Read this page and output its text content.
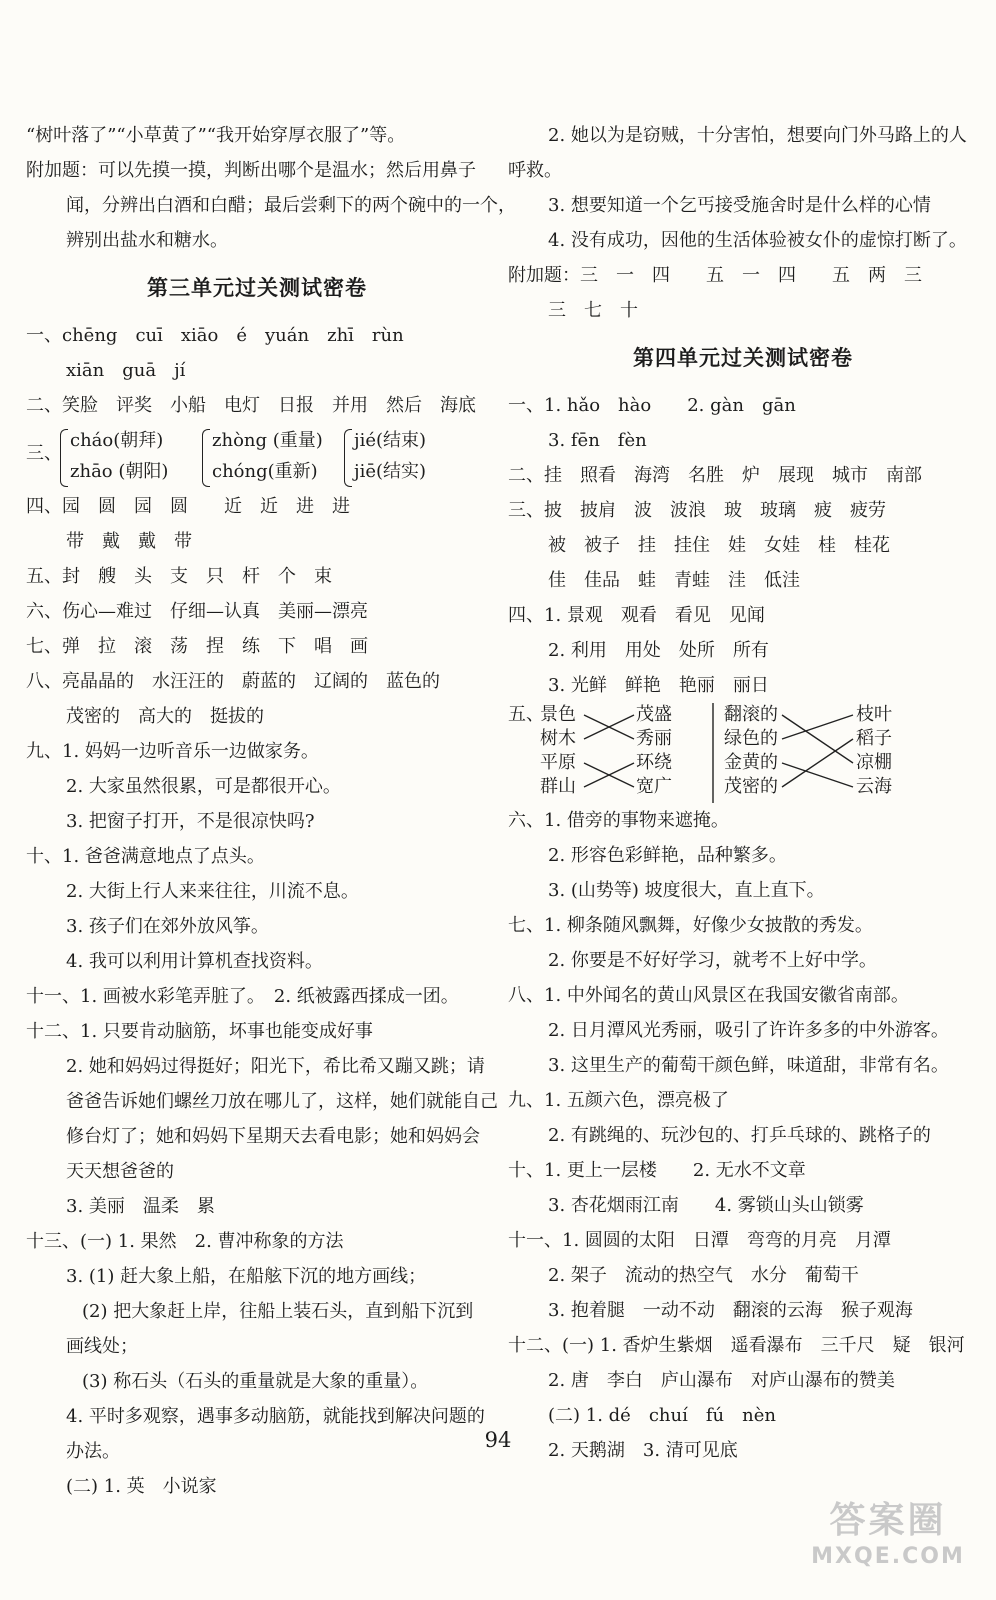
“树叶落了”“小草黄了”“我开始穿厚衣服了”等。
附加题：可以先摸一摸，判断出哪个是温水；然后用鼻子
闻，分辨出白酒和白醋；最后尝剩下的两个碗中的一个，
辨别出盐水和糖水。
第三单元过关测试密卷
一、chēng　cuī　xiāo　é　yuán　zhī　rùn
xiān　guā　jí
二、笑脸　评奖　小船　电灯　日报　并用　然后　海底
三、
cháo(朝拜)
zhāo (朝阳)
zhòng (重量)
chóng(重新)
jié(结束)
jiē(结实)
四、园　圆　园　圆　　近　近　进　进
带　戴　戴　带
五、封　艘　头　支　只　杆　个　束
六、伤心—难过　仔细—认真　美丽—漂亮
七、弹　拉　滚　荡　捏　练　下　唱　画
八、亮晶晶的　水汪汪的　蔚蓝的　辽阔的　蓝色的
茂密的　高大的　挺拔的
九、1. 妈妈一边听音乐一边做家务。
2. 大家虽然很累，可是都很开心。
3. 把窗子打开，不是很凉快吗?
十、1. 爸爸满意地点了点头。
2. 大街上行人来来往往，川流不息。
3. 孩子们在郊外放风筝。
4. 我可以利用计算机查找资料。
十一、1. 画被水彩笔弄脏了。　2. 纸被露西揉成一团。
十二、1. 只要肯动脑筋，坏事也能变成好事
2. 她和妈妈过得挺好；阳光下，希比希又蹦又跳；请
爸爸告诉她们螺丝刀放在哪儿了，这样，她们就能自己
修台灯了；她和妈妈下星期天去看电影；她和妈妈会
天天想爸爸的
3. 美丽　温柔　累
十三、(一) 1. 果然　2. 曹冲称象的方法
3. (1) 赶大象上船，在船舷下沉的地方画线；
(2) 把大象赶上岸，往船上装石头，直到船下沉到
画线处；
(3) 称石头（石头的重量就是大象的重量）。
4. 平时多观察，遇事多动脑筋，就能找到解决问题的
办法。
(二) 1. 英　小说家
2. 她以为是窃贼，十分害怕，想要向门外马路上的人
呼救。
3. 想要知道一个乞丐接受施舍时是什么样的心情
4. 没有成功，因他的生活体验被女仆的虚惊打断了。
附加题：三　一　四　　五　一　四　　五　两　三
三　七　十
第四单元过关测试密卷
一、1. hǎo　hào　　2. gàn　gān
3. fēn　fèn
二、挂　照看　海湾　名胜　炉　展现　城市　南部
三、披　披肩　波　波浪　玻　玻璃　疲　疲劳
被　被子　挂　挂住　娃　女娃　桂　桂花
佳　佳品　蛙　青蛙　洼　低洼
四、1. 景观　观看　看见　见闻
2. 利用　用处　处所　所有
3. 光鲜　鲜艳　艳丽　丽日
五、
景色
树木
平原
群山
茂盛
秀丽
环绕
宽广
翻滚的
绿色的
金黄的
茂密的
枝叶
稻子
凉棚
云海
六、1. 借旁的事物来遮掩。
2. 形容色彩鲜艳，品种繁多。
3. (山势等) 坡度很大，直上直下。
七、1. 柳条随风飘舞，好像少女披散的秀发。
2. 你要是不好好学习，就考不上好中学。
八、1. 中外闻名的黄山风景区在我国安徽省南部。
2. 日月潭风光秀丽，吸引了许许多多的中外游客。
3. 这里生产的葡萄干颜色鲜，味道甜，非常有名。
九、1. 五颜六色，漂亮极了
2. 有跳绳的、玩沙包的、打乒乓球的、跳格子的
十、1. 更上一层楼　　2. 无水不文章
3. 杏花烟雨江南　　4. 雾锁山头山锁雾
十一、1. 圆圆的太阳　日潭　弯弯的月亮　月潭
2. 架子　流动的热空气　水分　葡萄干
3. 抱着腿　一动不动　翻滚的云海　猴子观海
十二、(一) 1. 香炉生紫烟　遥看瀑布　三千尺　疑　银河
2. 唐　李白　庐山瀑布　对庐山瀑布的赞美
(二) 1. dé　chuí　fú　nèn
2. 天鹅湖　3. 清可见底
94
答案圈
MXQE.COM
